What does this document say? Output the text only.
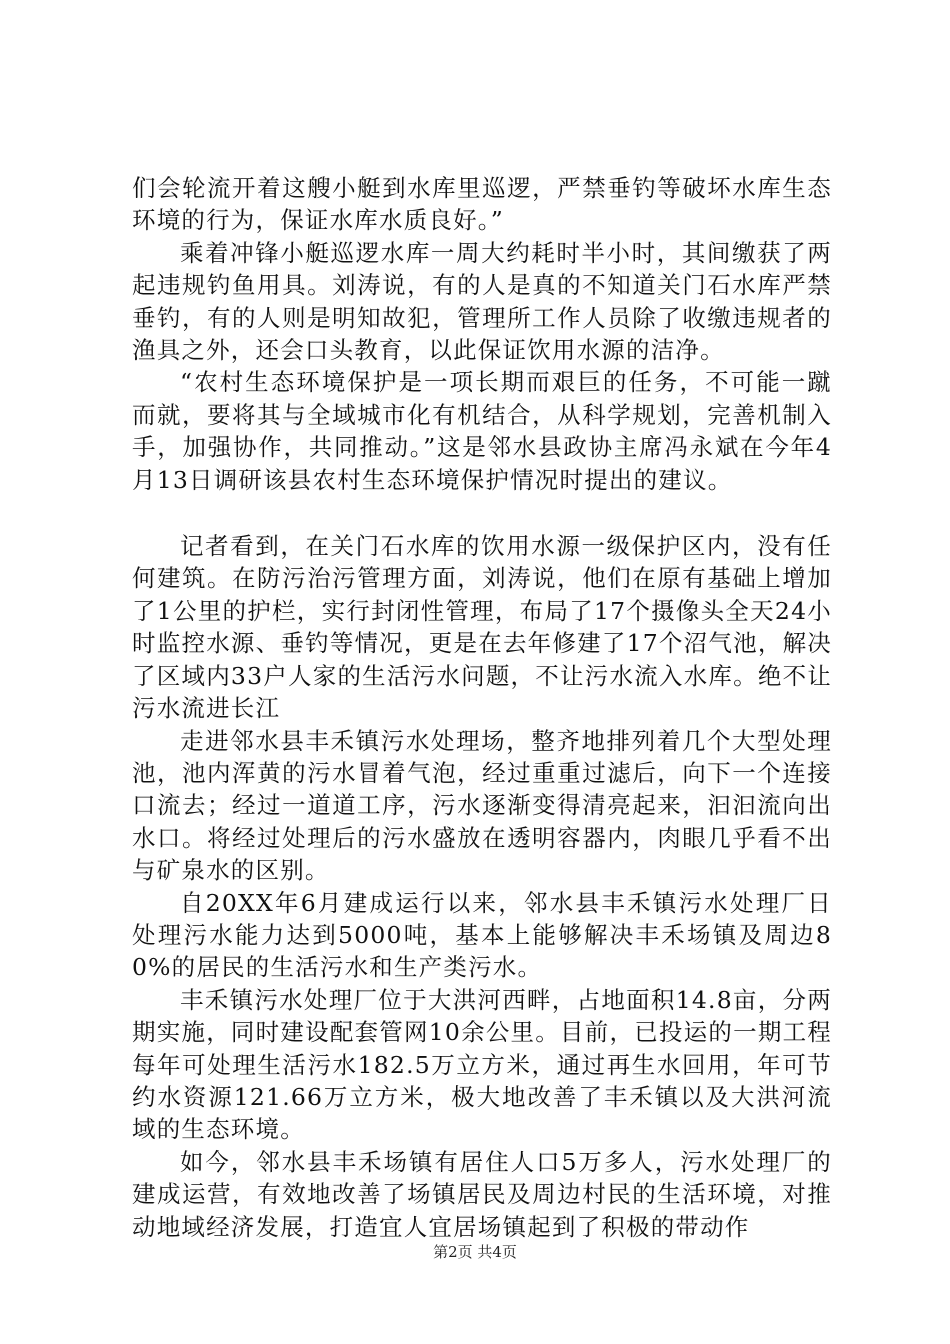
们会轮流开着这艘小艇到水库里巡逻，严禁垂钓等破坏水库生态环境的行为，保证水库水质良好。”

乘着冲锋小艇巡逻水库一周大约耗时半小时，其间缴获了两起违规钓鱼用具。刘涛说，有的人是真的不知道关门石水库严禁垂钓，有的人则是明知故犯，管理所工作人员除了收缴违规者的渔具之外，还会口头教育，以此保证饮用水源的洁净。

“农村生态环境保护是一项长期而艰巨的任务，不可能一蹴而就，要将其与全域城市化有机结合，从科学规划，完善机制入手，加强协作，共同推动。”这是邻水县政协主席冯永斌在今年4月13日调研该县农村生态环境保护情况时提出的建议。

记者看到，在关门石水库的饮用水源一级保护区内，没有任何建筑。在防污治污管理方面，刘涛说，他们在原有基础上增加了1公里的护栏，实行封闭性管理，布局了17个摄像头全天24小时监控水源、垂钓等情况，更是在去年修建了17个沼气池，解决了区域内33户人家的生活污水问题，不让污水流入水库。绝不让污水流进长江

走进邻水县丰禾镇污水处理场，整齐地排列着几个大型处理池，池内浑黄的污水冒着气泡，经过重重过滤后，向下一个连接口流去；经过一道道工序，污水逐渐变得清亮起来，汩汩流向出水口。将经过处理后的污水盛放在透明容器内，肉眼几乎看不出与矿泉水的区别。

自20XX年6月建成运行以来，邻水县丰禾镇污水处理厂日处理污水能力达到5000吨，基本上能够解决丰禾场镇及周边80%的居民的生活污水和生产类污水。

丰禾镇污水处理厂位于大洪河西畔，占地面积14.8亩，分两期实施，同时建设配套管网10余公里。目前，已投运的一期工程每年可处理生活污水182.5万立方米，通过再生水回用，年可节约水资源121.66万立方米，极大地改善了丰禾镇以及大洪河流域的生态环境。

如今，邻水县丰禾场镇有居住人口5万多人，污水处理厂的建成运营，有效地改善了场镇居民及周边村民的生活环境，对推动地域经济发展，打造宜人宜居场镇起到了积极的带动作

第2页 共4页
